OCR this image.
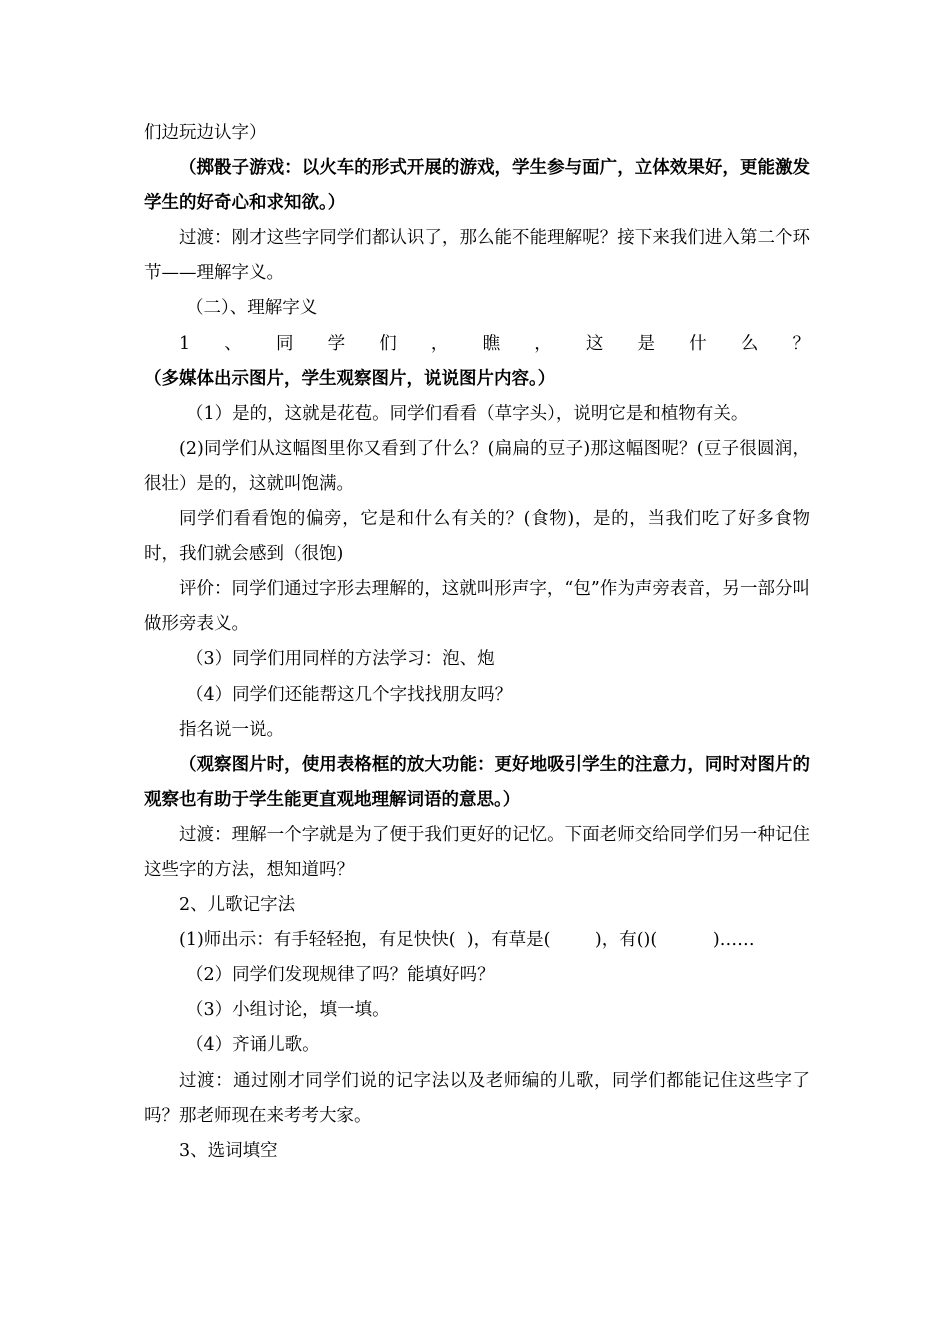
们边玩边认字）
（掷骰子游戏：以火车的形式开展的游戏，学生参与面广，立体效果好，更能激发学生的好奇心和求知欲。）
过渡：刚才这些字同学们都认识了，那么能不能理解呢？接下来我们进入第二个环节——理解字义。
（二）、理解字义
1、同学们，瞧，这是什么？（多媒体出示图片，学生观察图片，说说图片内容。）
（1）是的，这就是花苞。同学们看看（草字头），说明它是和植物有关。
(2)同学们从这幅图里你又看到了什么？(扁扁的豆子)那这幅图呢？(豆子很圆润，很壮）是的，这就叫饱满。
同学们看看饱的偏旁，它是和什么有关的？(食物)，是的，当我们吃了好多食物时，我们就会感到（很饱)
评价：同学们通过字形去理解的，这就叫形声字，“包”作为声旁表音，另一部分叫做形旁表义。
（3）同学们用同样的方法学习：泡、炮
（4）同学们还能帮这几个字找找朋友吗？
指名说一说。
（观察图片时，使用表格框的放大功能：更好地吸引学生的注意力，同时对图片的观察也有助于学生能更直观地理解词语的意思。）
过渡：理解一个字就是为了便于我们更好的记忆。下面老师交给同学们另一种记住这些字的方法，想知道吗？
2、儿歌记字法
(1)师出示：有手轻轻抱，有足快快(  )，有草是(        )，有()(          )……
（2）同学们发现规律了吗？能填好吗？
（3）小组讨论，填一填。
（4）齐诵儿歌。
过渡：通过刚才同学们说的记字法以及老师编的儿歌，同学们都能记住这些字了吗？那老师现在来考考大家。
3、选词填空
